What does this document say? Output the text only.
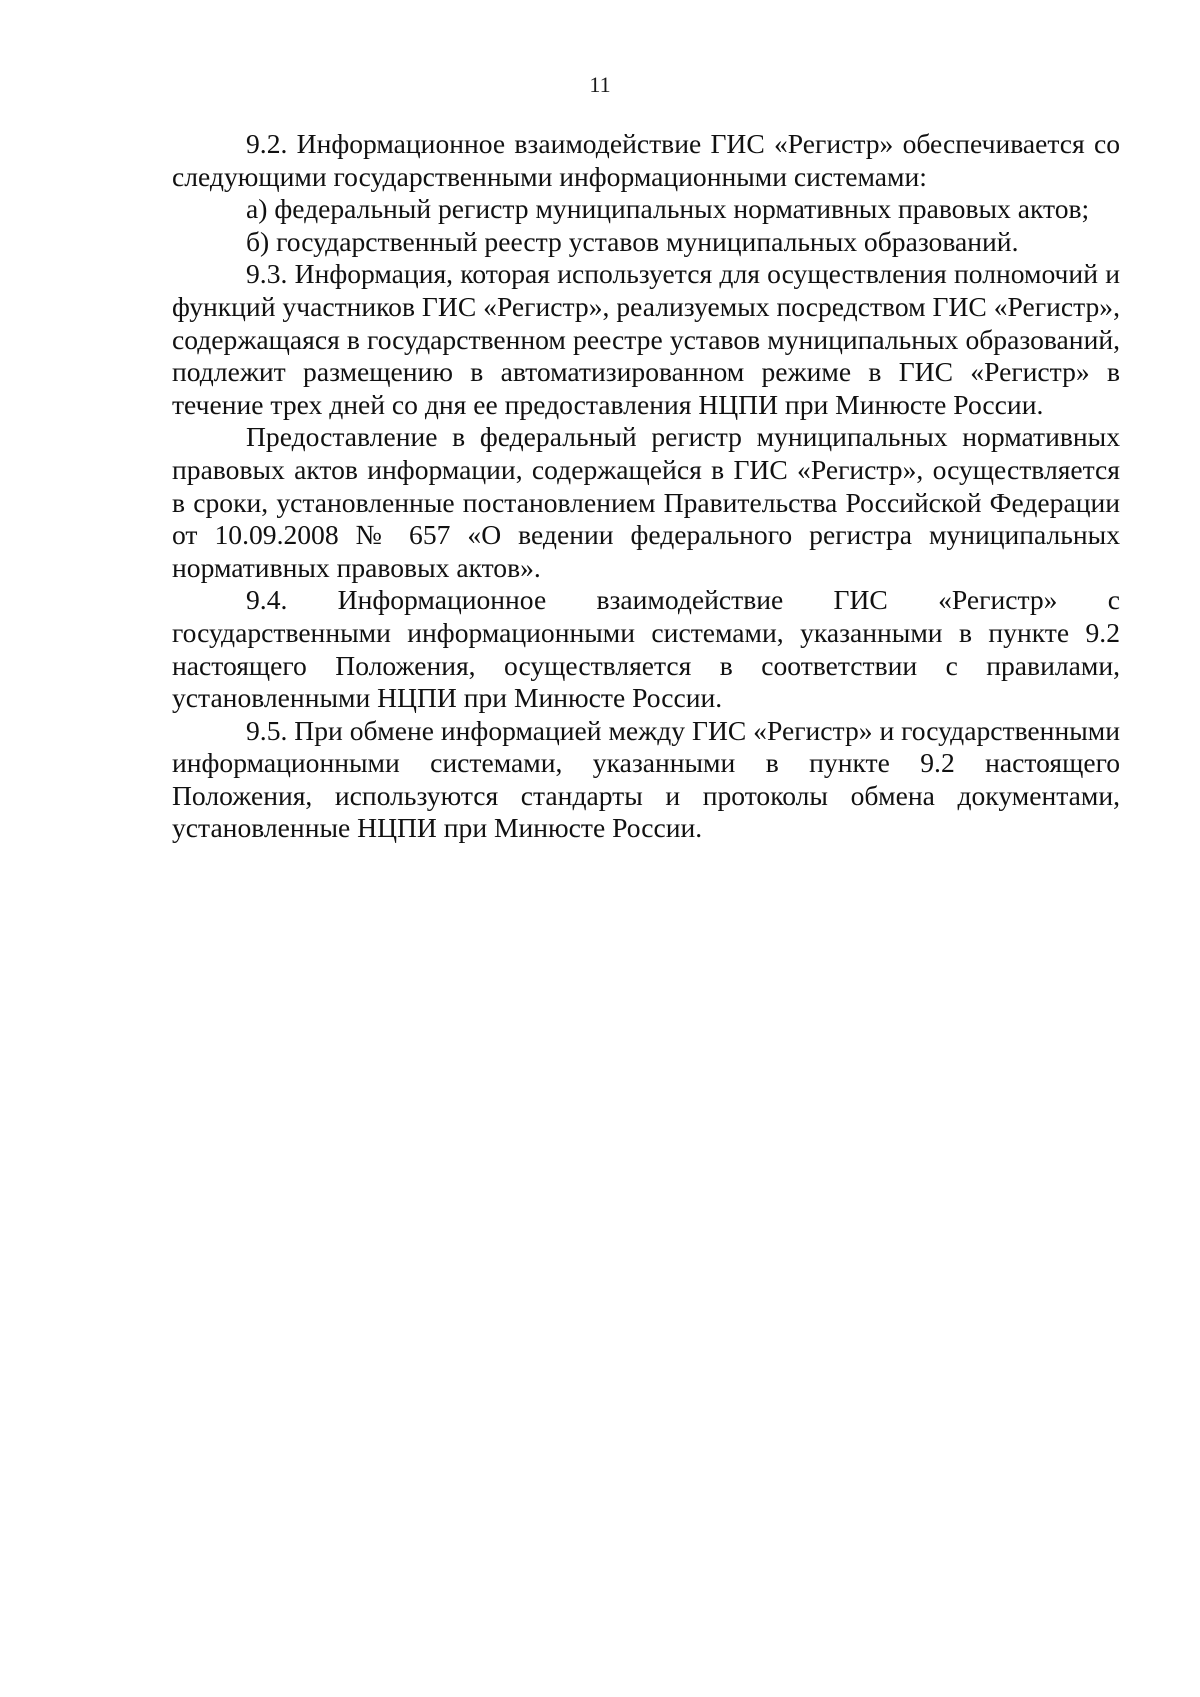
11

9.2. Информационное взаимодействие ГИС «Регистр» обеспечивается со следующими государственными информационными системами:

а) федеральный регистр муниципальных нормативных правовых актов;

б) государственный реестр уставов муниципальных образований.

9.3. Информация, которая используется для осуществления полномочий и функций участников ГИС «Регистр», реализуемых посредством ГИС «Регистр», содержащаяся в государственном реестре уставов муниципальных образований, подлежит размещению в автоматизированном режиме в ГИС «Регистр» в течение трех дней со дня ее предоставления НЦПИ при Минюсте России.

Предоставление в федеральный регистр муниципальных нормативных правовых актов информации, содержащейся в ГИС «Регистр», осуществляется в сроки, установленные постановлением Правительства Российской Федерации от 10.09.2008 № 657 «О ведении федерального регистра муниципальных нормативных правовых актов».

9.4. Информационное взаимодействие ГИС «Регистр» с государственными информационными системами, указанными в пункте 9.2 настоящего Положения, осуществляется в соответствии с правилами, установленными НЦПИ при Минюсте России.

9.5. При обмене информацией между ГИС «Регистр» и государственными информационными системами, указанными в пункте 9.2 настоящего Положения, используются стандарты и протоколы обмена документами, установленные НЦПИ при Минюсте России.
